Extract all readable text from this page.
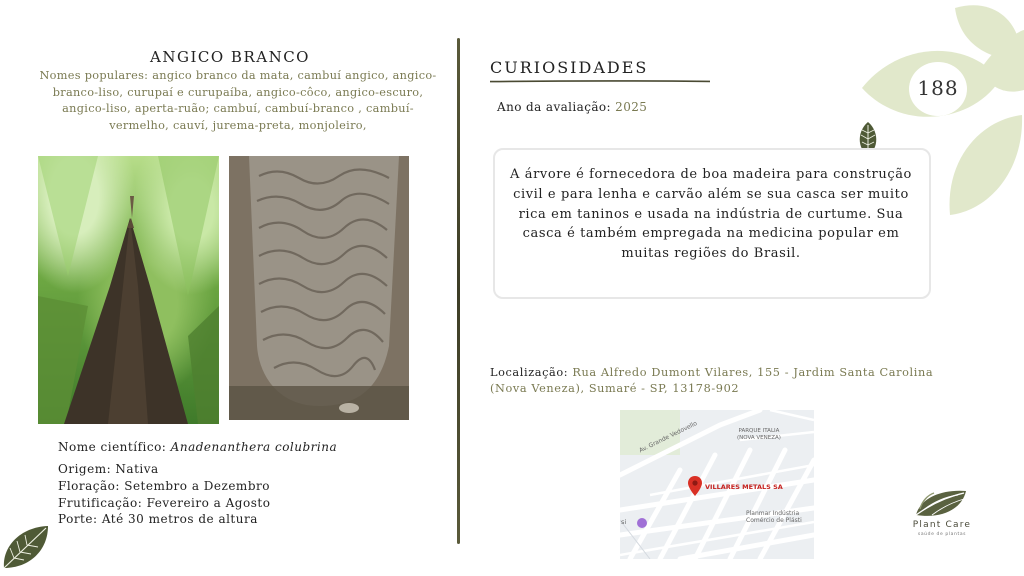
188
ANGICO BRANCO
Nomes populares: angico branco da mata, cambuí angico, angico-branco-liso, curupaí e curupaíba, angico-côco, angico-escuro, angico-liso, aperta-ruão; cambuí, cambuí-branco , cambuí-vermelho, cauví, jurema-preta, monjoleiro,
Nome científico: Anadenanthera colubrina
Origem: Nativa
Floração: Setembro a Dezembro
Frutificação: Fevereiro a Agosto
Porte: Até 30 metros de altura
CURIOSIDADES
Ano da avaliação: 2025
A árvore é fornecedora de boa madeira para construção civil e para lenha e carvão além se sua casca ser muito rica em taninos e usada na indústria de curtume. Sua casca é também empregada na medicina popular em muitas regiões do Brasil.
Localização: Rua Alfredo Dumont Vilares, 155 - Jardim Santa Carolina (Nova Veneza), Sumaré - SP, 13178-902
Av. Grande Vedovello	PARQUE ITALIA
(NOVA VENEZA)
VILLARES METALS SA
Planmar Indústria
Comércio de Plásti
si	Plant Care
saúde de plantas
